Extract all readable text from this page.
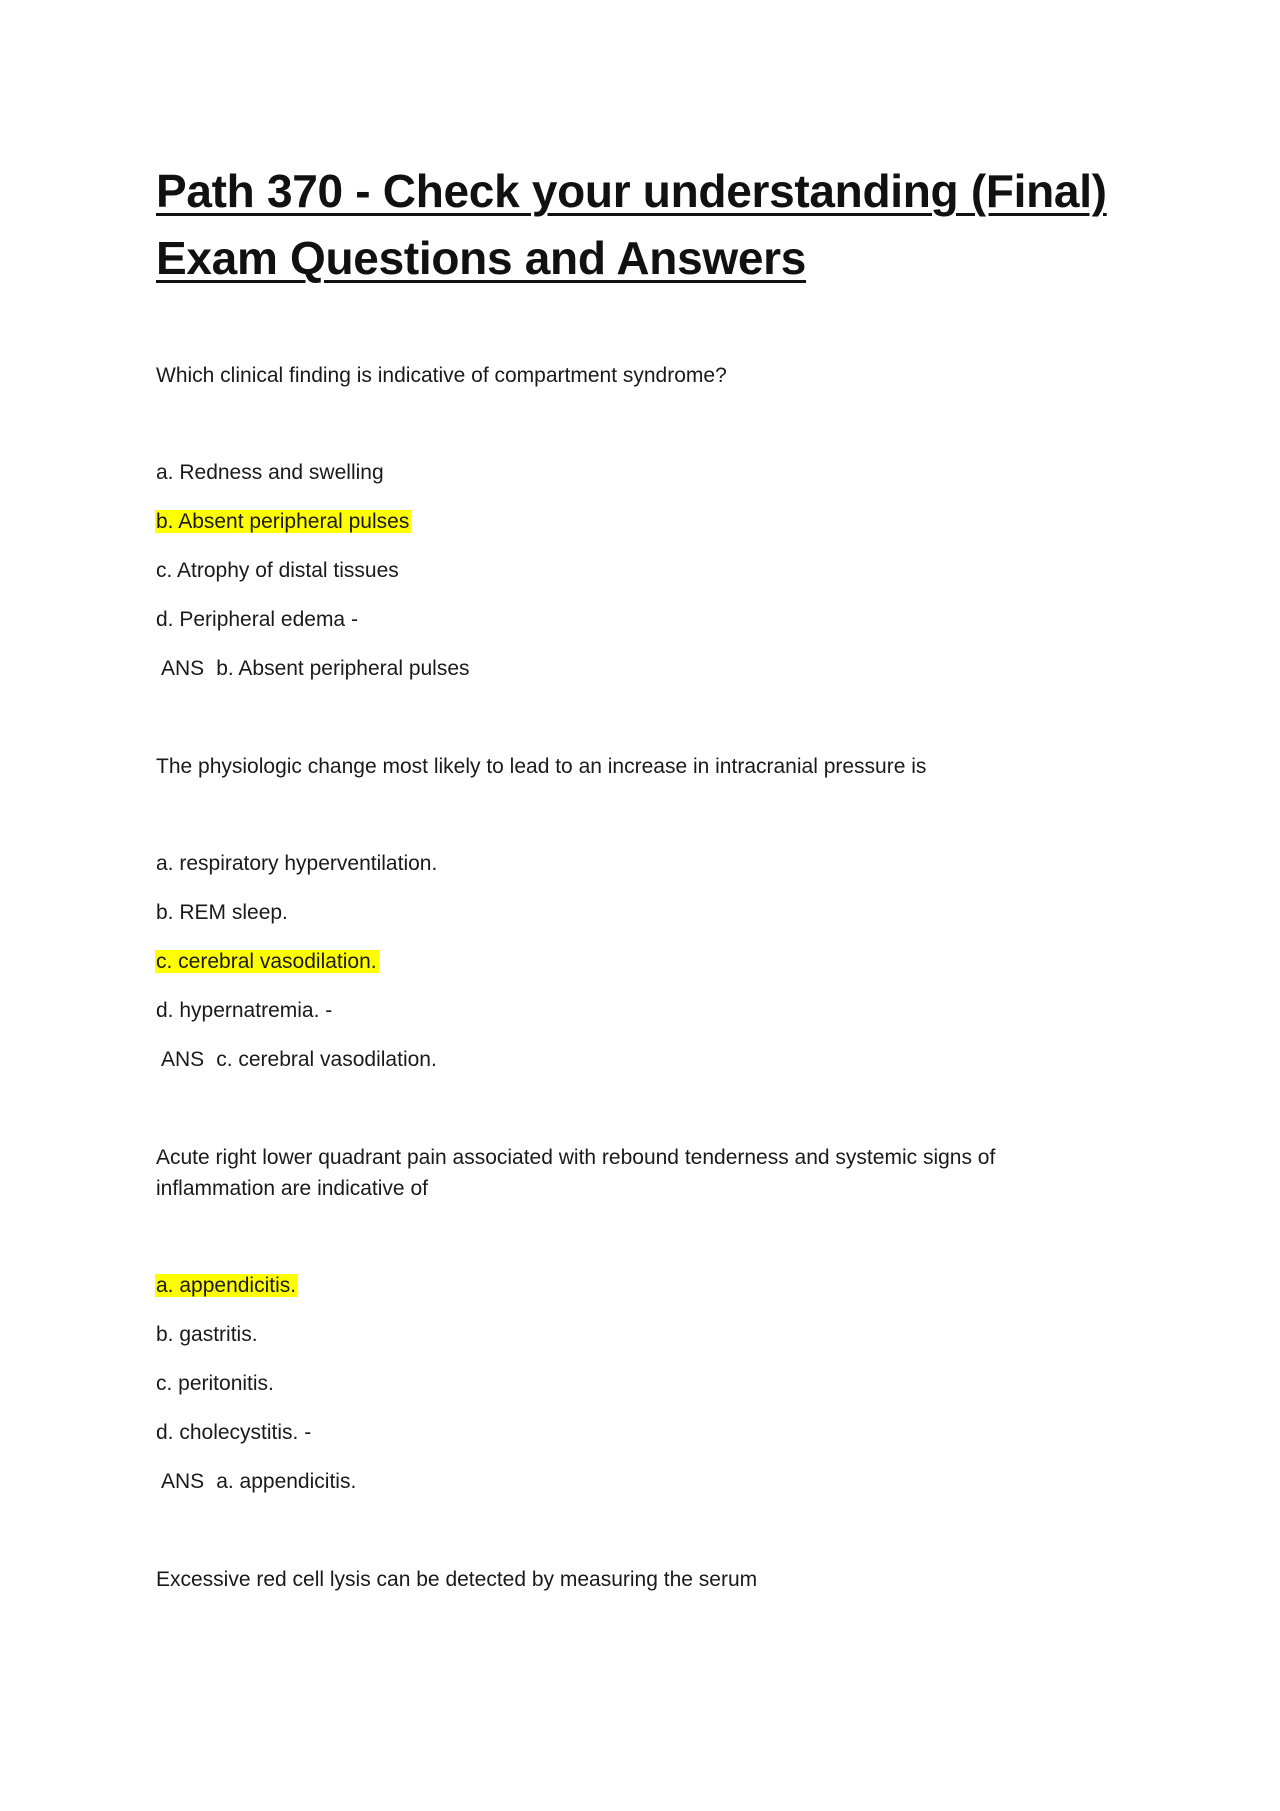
Path 370 - Check your understanding (Final)
Exam Questions and Answers
Which clinical finding is indicative of compartment syndrome?
a. Redness and swelling
b. Absent peripheral pulses
c. Atrophy of distal tissues
d. Peripheral edema -
ANS b. Absent peripheral pulses
The physiologic change most likely to lead to an increase in intracranial pressure is
a. respiratory hyperventilation.
b. REM sleep.
c. cerebral vasodilation.
d. hypernatremia. -
ANS c. cerebral vasodilation.
Acute right lower quadrant pain associated with rebound tenderness and systemic signs of inflammation are indicative of
a. appendicitis.
b. gastritis.
c. peritonitis.
d. cholecystitis. -
ANS a. appendicitis.
Excessive red cell lysis can be detected by measuring the serum
